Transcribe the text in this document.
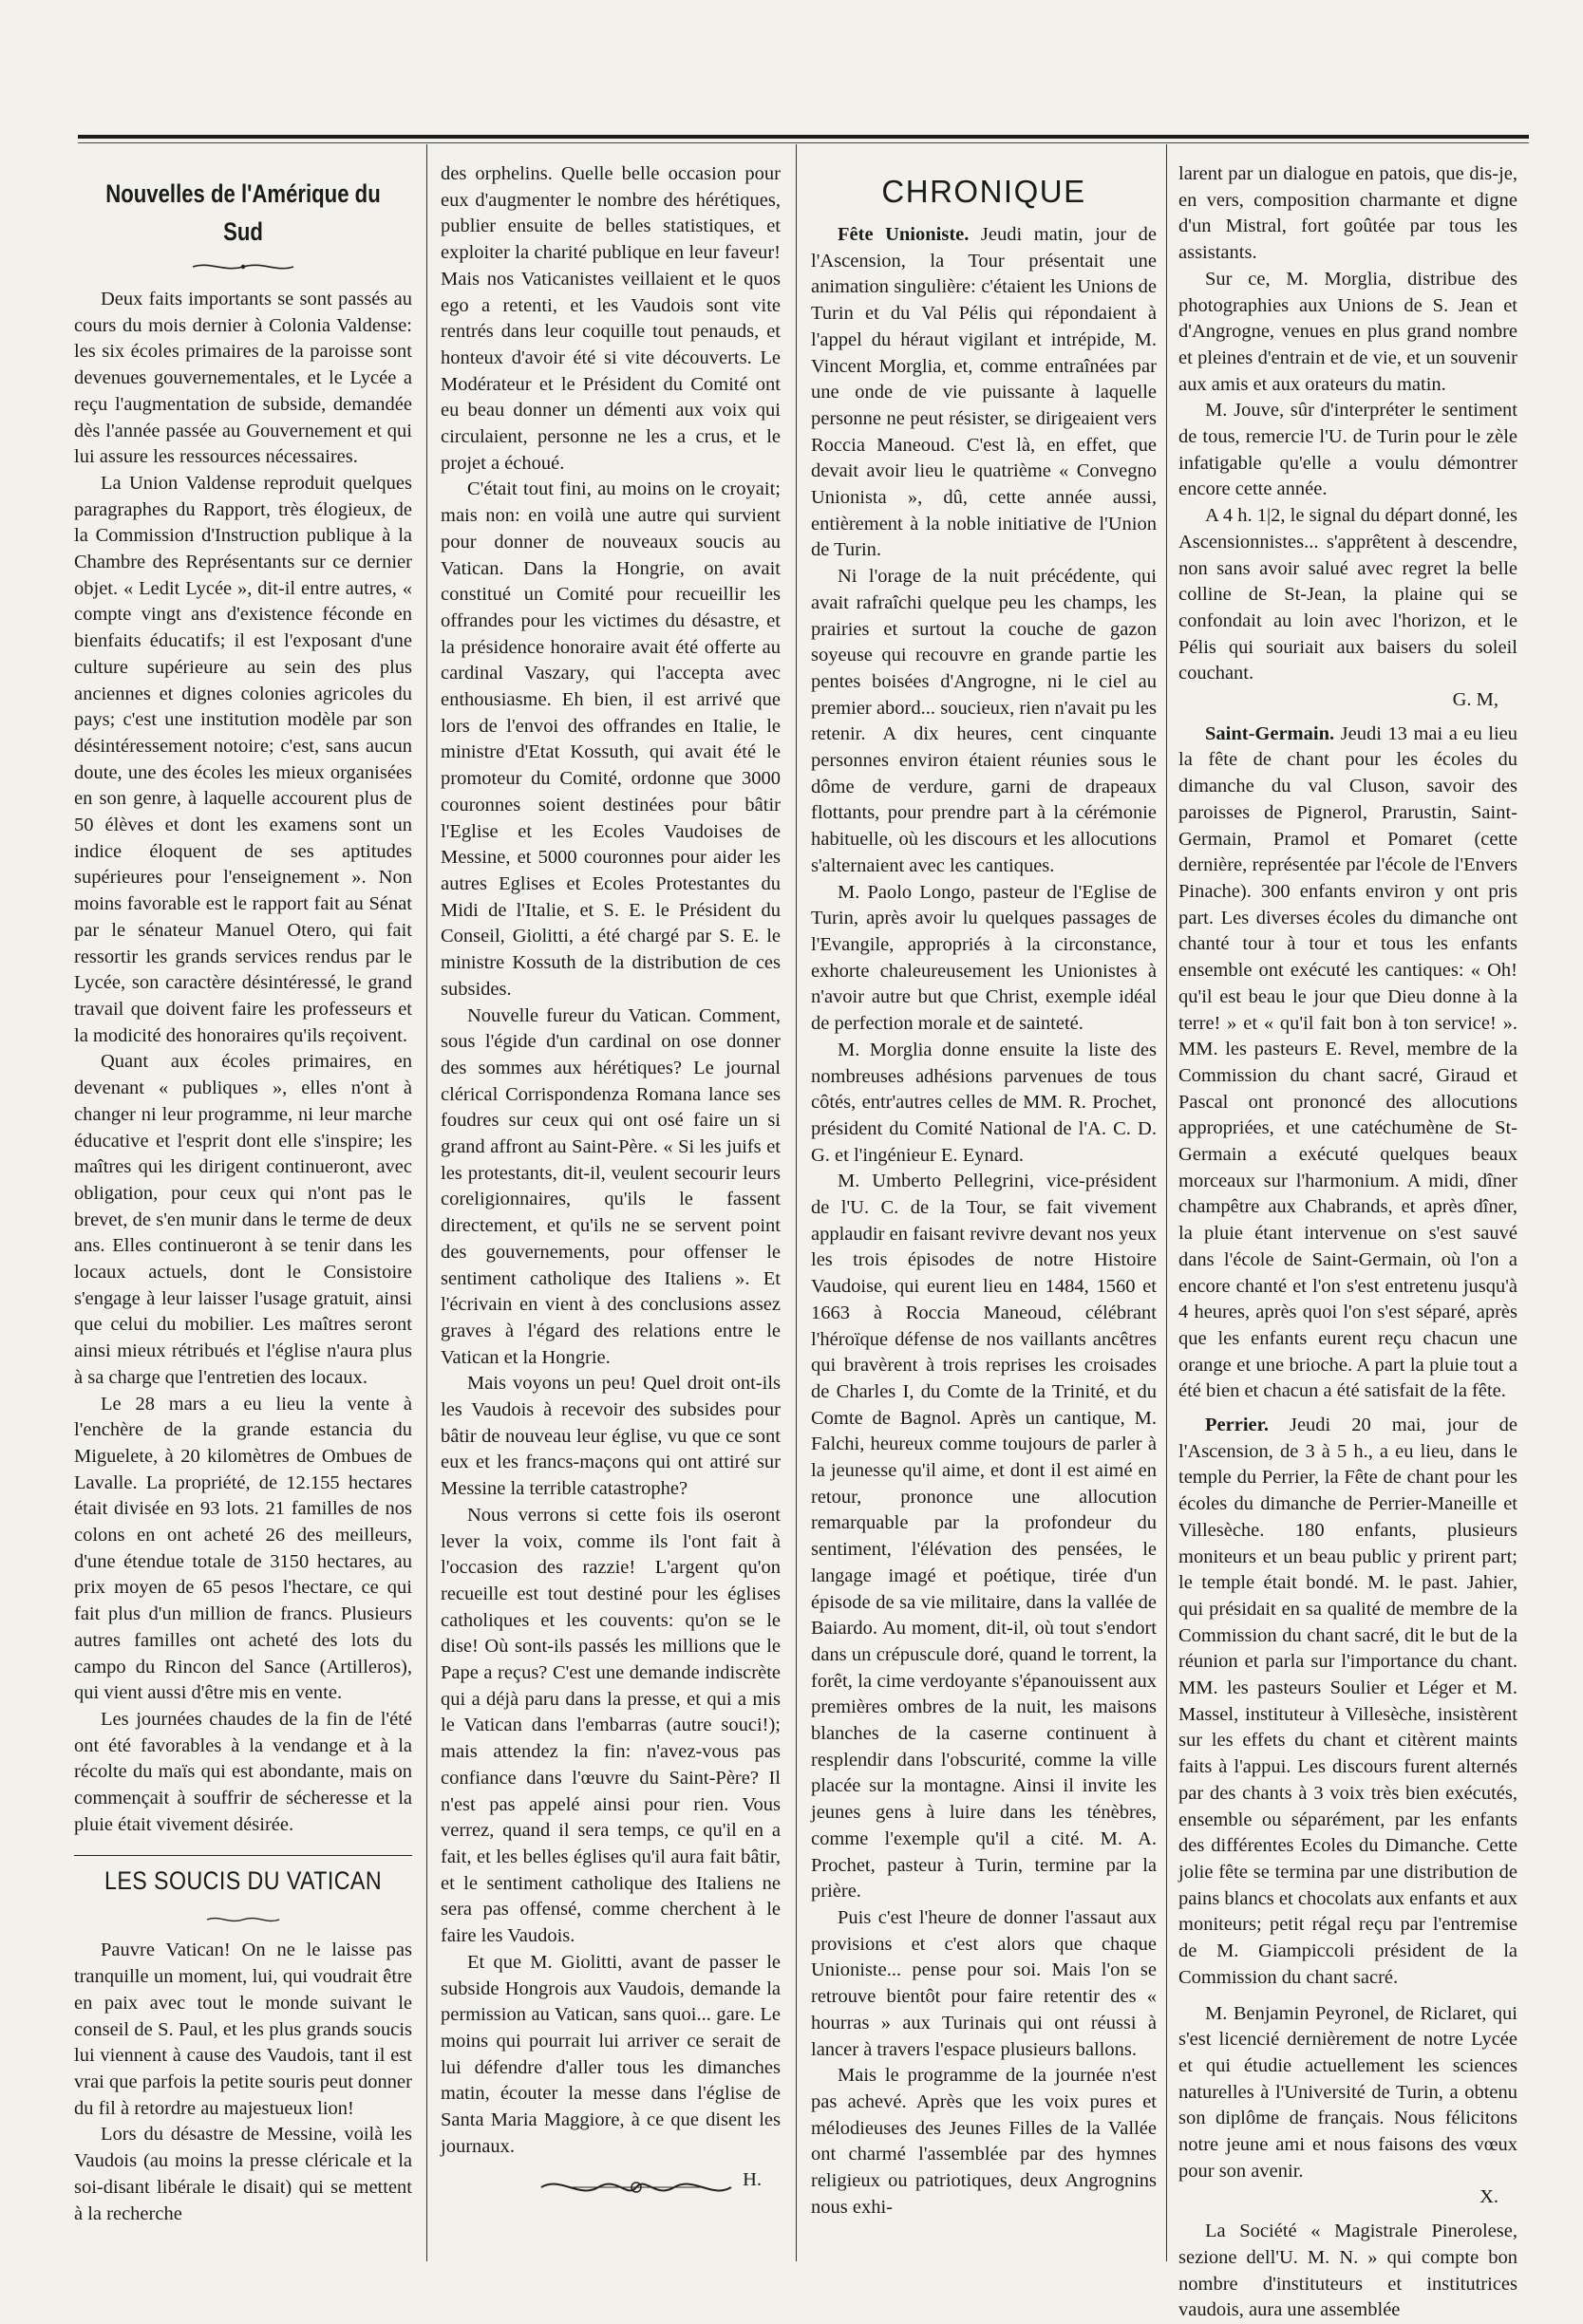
Nouvelles de l'Amérique du Sud

Deux faits importants se sont passés au cours du mois dernier à Colonia Valdense: les six écoles primaires de la paroisse sont devenues gouvernementales, et le Lycée a reçu l'augmentation de subside, demandée dès l'année passée au Gouvernement et qui lui assure les ressources nécessaires.

La Union Valdense reproduit quelques paragraphes du Rapport, très élogieux, de la Commission d'Instruction publique à la Chambre des Représentants sur ce dernier objet. « Ledit Lycée », dit-il entre autres, « compte vingt ans d'existence féconde en bienfaits éducatifs; il est l'exposant d'une culture supérieure au sein des plus anciennes et dignes colonies agricoles du pays; c'est une institution modèle par son désintéressement notoire; c'est, sans aucun doute, une des écoles les mieux organisées en son genre, à laquelle accourent plus de 50 élèves et dont les examens sont un indice éloquent de ses aptitudes supérieures pour l'enseignement ». Non moins favorable est le rapport fait au Sénat par le sénateur Manuel Otero, qui fait ressortir les grands services rendus par le Lycée, son caractère désintéressé, le grand travail que doivent faire les professeurs et la modicité des honoraires qu'ils reçoivent.

Quant aux écoles primaires, en devenant « publiques », elles n'ont à changer ni leur programme, ni leur marche éducative et l'esprit dont elle s'inspire; les maîtres qui les dirigent continueront, avec obligation, pour ceux qui n'ont pas le brevet, de s'en munir dans le terme de deux ans. Elles continueront à se tenir dans les locaux actuels, dont le Consistoire s'engage à leur laisser l'usage gratuit, ainsi que celui du mobilier. Les maîtres seront ainsi mieux rétribués et l'église n'aura plus à sa charge que l'entretien des locaux.

Le 28 mars a eu lieu la vente à l'enchère de la grande estancia du Miguelete, à 20 kilomètres de Ombues de Lavalle. La propriété, de 12.155 hectares était divisée en 93 lots. 21 familles de nos colons en ont acheté 26 des meilleurs, d'une étendue totale de 3150 hectares, au prix moyen de 65 pesos l'hectare, ce qui fait plus d'un million de francs. Plusieurs autres familles ont acheté des lots du campo du Rincon del Sance (Artilleros), qui vient aussi d'être mis en vente.

Les journées chaudes de la fin de l'été ont été favorables à la vendange et à la récolte du maïs qui est abondante, mais on commençait à souffrir de sécheresse et la pluie était vivement désirée.

LES SOUCIS DU VATICAN

Pauvre Vatican! On ne le laisse pas tranquille un moment, lui, qui voudrait être en paix avec tout le monde suivant le conseil de S. Paul, et les plus grands soucis lui viennent à cause des Vaudois, tant il est vrai que parfois la petite souris peut donner du fil à retordre au majestueux lion!

Lors du désastre de Messine, voilà les Vaudois (au moins la presse cléricale et la soi-disant libérale le disait) qui se mettent à la recherche

des orphelins. Quelle belle occasion pour eux d'augmenter le nombre des hérétiques, publier ensuite de belles statistiques, et exploiter la charité publique en leur faveur! Mais nos Vaticanistes veillaient et le quos ego a retenti, et les Vaudois sont vite rentrés dans leur coquille tout penauds, et honteux d'avoir été si vite découverts. Le Modérateur et le Président du Comité ont eu beau donner un démenti aux voix qui circulaient, personne ne les a crus, et le projet a échoué.

C'était tout fini, au moins on le croyait; mais non: en voilà une autre qui survient pour donner de nouveaux soucis au Vatican. Dans la Hongrie, on avait constitué un Comité pour recueillir les offrandes pour les victimes du désastre, et la présidence honoraire avait été offerte au cardinal Vaszary, qui l'accepta avec enthousiasme. Eh bien, il est arrivé que lors de l'envoi des offrandes en Italie, le ministre d'Etat Kossuth, qui avait été le promoteur du Comité, ordonne que 3000 couronnes soient destinées pour bâtir l'Eglise et les Ecoles Vaudoises de Messine, et 5000 couronnes pour aider les autres Eglises et Ecoles Protestantes du Midi de l'Italie, et S. E. le Président du Conseil, Giolitti, a été chargé par S. E. le ministre Kossuth de la distribution de ces subsides.

Nouvelle fureur du Vatican. Comment, sous l'égide d'un cardinal on ose donner des sommes aux hérétiques? Le journal clérical Corrispondenza Romana lance ses foudres sur ceux qui ont osé faire un si grand affront au Saint-Père. « Si les juifs et les protestants, dit-il, veulent secourir leurs coreligionnaires, qu'ils le fassent directement, et qu'ils ne se servent point des gouvernements, pour offenser le sentiment catholique des Italiens ». Et l'écrivain en vient à des conclusions assez graves à l'égard des relations entre le Vatican et la Hongrie.

Mais voyons un peu! Quel droit ont-ils les Vaudois à recevoir des subsides pour bâtir de nouveau leur église, vu que ce sont eux et les francs-maçons qui ont attiré sur Messine la terrible catastrophe?

Nous verrons si cette fois ils oseront lever la voix, comme ils l'ont fait à l'occasion des razzie! L'argent qu'on recueille est tout destiné pour les églises catholiques et les couvents: qu'on se le dise! Où sont-ils passés les millions que le Pape a reçus? C'est une demande indiscrète qui a déjà paru dans la presse, et qui a mis le Vatican dans l'embarras (autre souci!); mais attendez la fin: n'avez-vous pas confiance dans l'œuvre du Saint-Père? Il n'est pas appelé ainsi pour rien. Vous verrez, quand il sera temps, ce qu'il en a fait, et les belles églises qu'il aura fait bâtir, et le sentiment catholique des Italiens ne sera pas offensé, comme cherchent à le faire les Vaudois.

Et que M. Giolitti, avant de passer le subside Hongrois aux Vaudois, demande la permission au Vatican, sans quoi... gare. Le moins qui pourrait lui arriver ce serait de lui défendre d'aller tous les dimanches matin, écouter la messe dans l'église de Santa Maria Maggiore, à ce que disent les journaux.

H.
CHRONIQUE

Fête Unioniste. Jeudi matin, jour de l'Ascension, la Tour présentait une animation singulière: c'étaient les Unions de Turin et du Val Pélis qui répondaient à l'appel du héraut vigilant et intrépide, M. Vincent Morglia, et, comme entraînées par une onde de vie puissante à laquelle personne ne peut résister, se dirigeaient vers Roccia Maneoud. C'est là, en effet, que devait avoir lieu le quatrième « Convegno Unionista », dû, cette année aussi, entièrement à la noble initiative de l'Union de Turin.

Ni l'orage de la nuit précédente, qui avait rafraîchi quelque peu les champs, les prairies et surtout la couche de gazon soyeuse qui recouvre en grande partie les pentes boisées d'Angrogne, ni le ciel au premier abord... soucieux, rien n'avait pu les retenir. A dix heures, cent cinquante personnes environ étaient réunies sous le dôme de verdure, garni de drapeaux flottants, pour prendre part à la cérémonie habituelle, où les discours et les allocutions s'alternaient avec les cantiques.

M. Paolo Longo, pasteur de l'Eglise de Turin, après avoir lu quelques passages de l'Evangile, appropriés à la circonstance, exhorte chaleureusement les Unionistes à n'avoir autre but que Christ, exemple idéal de perfection morale et de sainteté.

M. Morglia donne ensuite la liste des nombreuses adhésions parvenues de tous côtés, entr'autres celles de MM. R. Prochet, président du Comité National de l'A. C. D. G. et l'ingénieur E. Eynard.

M. Umberto Pellegrini, vice-président de l'U. C. de la Tour, se fait vivement applaudir en faisant revivre devant nos yeux les trois épisodes de notre Histoire Vaudoise, qui eurent lieu en 1484, 1560 et 1663 à Roccia Maneoud, célébrant l'héroïque défense de nos vaillants ancêtres qui bravèrent à trois reprises les croisades de Charles I, du Comte de la Trinité, et du Comte de Bagnol. Après un cantique, M. Falchi, heureux comme toujours de parler à la jeunesse qu'il aime, et dont il est aimé en retour, prononce une allocution remarquable par la profondeur du sentiment, l'élévation des pensées, le langage imagé et poétique, tirée d'un épisode de sa vie militaire, dans la vallée de Baiardo. Au moment, dit-il, où tout s'endort dans un crépuscule doré, quand le torrent, la forêt, la cime verdoyante s'épanouissent aux premières ombres de la nuit, les maisons blanches de la caserne continuent à resplendir dans l'obscurité, comme la ville placée sur la montagne. Ainsi il invite les jeunes gens à luire dans les ténèbres, comme l'exemple qu'il a cité. M. A. Prochet, pasteur à Turin, termine par la prière.

Puis c'est l'heure de donner l'assaut aux provisions et c'est alors que chaque Unioniste... pense pour soi. Mais l'on se retrouve bientôt pour faire retentir des « hourras » aux Turinais qui ont réussi à lancer à travers l'espace plusieurs ballons.

Mais le programme de la journée n'est pas achevé. Après que les voix pures et mélodieuses des Jeunes Filles de la Vallée ont charmé l'assemblée par des hymnes religieux ou patriotiques, deux Angrognins nous exhi-

larent par un dialogue en patois, que dis-je, en vers, composition charmante et digne d'un Mistral, fort goûtée par tous les assistants.

Sur ce, M. Morglia, distribue des photographies aux Unions de S. Jean et d'Angrogne, venues en plus grand nombre et pleines d'entrain et de vie, et un souvenir aux amis et aux orateurs du matin.

M. Jouve, sûr d'interpréter le sentiment de tous, remercie l'U. de Turin pour le zèle infatigable qu'elle a voulu démontrer encore cette année.

A 4 h. 1|2, le signal du départ donné, les Ascensionnistes... s'apprêtent à descendre, non sans avoir salué avec regret la belle colline de St-Jean, la plaine qui se confondait au loin avec l'horizon, et le Pélis qui souriait aux baisers du soleil couchant.

G. M,

Saint-Germain. Jeudi 13 mai a eu lieu la fête de chant pour les écoles du dimanche du val Cluson, savoir des paroisses de Pignerol, Prarustin, Saint-Germain, Pramol et Pomaret (cette dernière, représentée par l'école de l'Envers Pinache). 300 enfants environ y ont pris part. Les diverses écoles du dimanche ont chanté tour à tour et tous les enfants ensemble ont exécuté les cantiques: « Oh! qu'il est beau le jour que Dieu donne à la terre! » et « qu'il fait bon à ton service! ». MM. les pasteurs E. Revel, membre de la Commission du chant sacré, Giraud et Pascal ont prononcé des allocutions appropriées, et une catéchumène de St-Germain a exécuté quelques beaux morceaux sur l'harmonium. A midi, dîner champêtre aux Chabrands, et après dîner, la pluie étant intervenue on s'est sauvé dans l'école de Saint-Germain, où l'on a encore chanté et l'on s'est entretenu jusqu'à 4 heures, après quoi l'on s'est séparé, après que les enfants eurent reçu chacun une orange et une brioche. A part la pluie tout a été bien et chacun a été satisfait de la fête.

Perrier. Jeudi 20 mai, jour de l'Ascension, de 3 à 5 h., a eu lieu, dans le temple du Perrier, la Fête de chant pour les écoles du dimanche de Perrier-Maneille et Villesèche. 180 enfants, plusieurs moniteurs et un beau public y prirent part; le temple était bondé. M. le past. Jahier, qui présidait en sa qualité de membre de la Commission du chant sacré, dit le but de la réunion et parla sur l'importance du chant. MM. les pasteurs Soulier et Léger et M. Massel, instituteur à Villesèche, insistèrent sur les effets du chant et citèrent maints faits à l'appui. Les discours furent alternés par des chants à 3 voix très bien exécutés, ensemble ou séparément, par les enfants des différentes Ecoles du Dimanche. Cette jolie fête se termina par une distribution de pains blancs et chocolats aux enfants et aux moniteurs; petit régal reçu par l'entremise de M. Giampiccoli président de la Commission du chant sacré.

M. Benjamin Peyronel, de Riclaret, qui s'est licencié dernièrement de notre Lycée et qui étudie actuellement les sciences naturelles à l'Université de Turin, a obtenu son diplôme de français. Nous félicitons notre jeune ami et nous faisons des vœux pour son avenir.

X.

La Société « Magistrale Pinerolese, sezione dell'U. M. N. » qui compte bon nombre d'instituteurs et institutrices vaudois, aura une assemblée
